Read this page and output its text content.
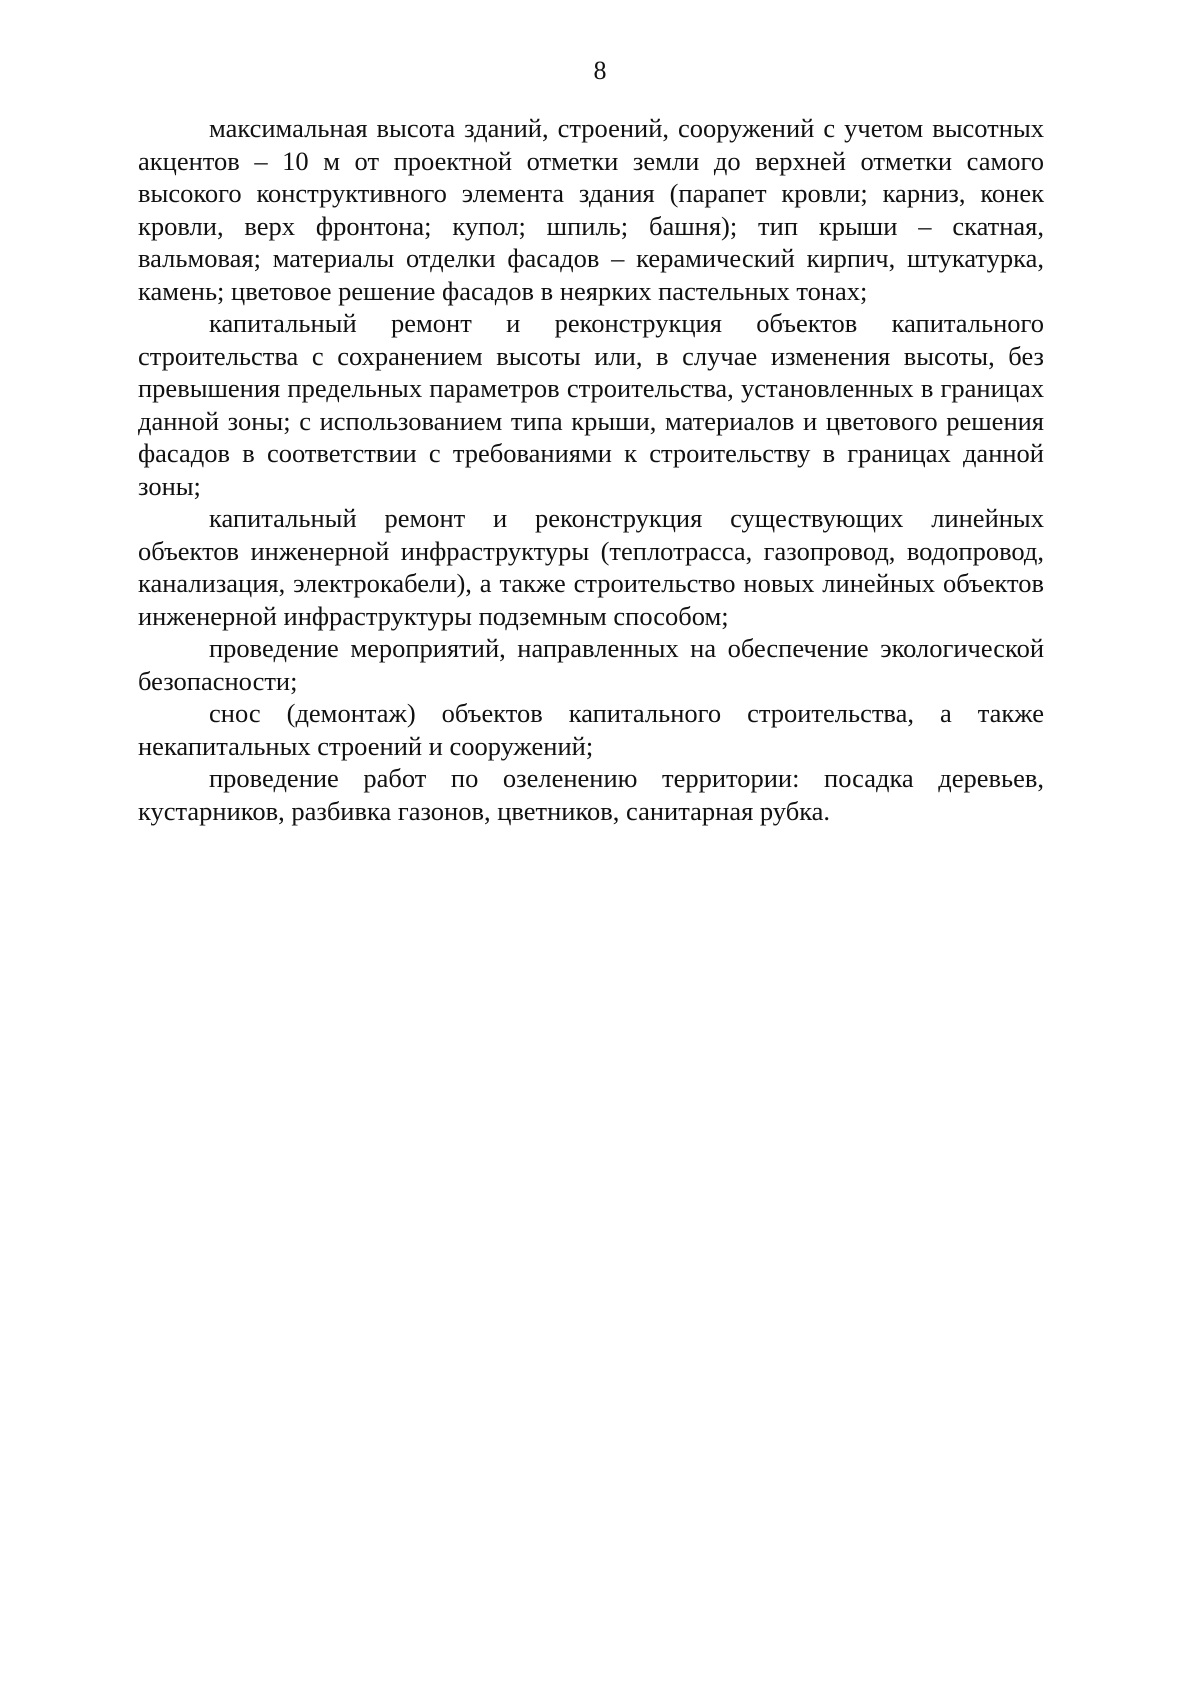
8

максимальная высота зданий, строений, сооружений с учетом высотных акцентов – 10 м от проектной отметки земли до верхней отметки самого высокого конструктивного элемента здания (парапет кровли; карниз, конек кровли, верх фронтона; купол; шпиль; башня); тип крыши – скатная, вальмовая; материалы отделки фасадов – керамический кирпич, штукатурка, камень; цветовое решение фасадов в неярких пастельных тонах;

капитальный ремонт и реконструкция объектов капитального строительства с сохранением высоты или, в случае изменения высоты, без превышения предельных параметров строительства, установленных в границах данной зоны; с использованием типа крыши, материалов и цветового решения фасадов в соответствии с требованиями к строительству в границах данной зоны;

капитальный ремонт и реконструкция существующих линейных объектов инженерной инфраструктуры (теплотрасса, газопровод, водопровод, канализация, электрокабели), а также строительство новых линейных объектов инженерной инфраструктуры подземным способом;

проведение мероприятий, направленных на обеспечение экологической безопасности;

снос (демонтаж) объектов капитального строительства, а также некапитальных строений и сооружений;

проведение работ по озеленению территории: посадка деревьев, кустарников, разбивка газонов, цветников, санитарная рубка.
